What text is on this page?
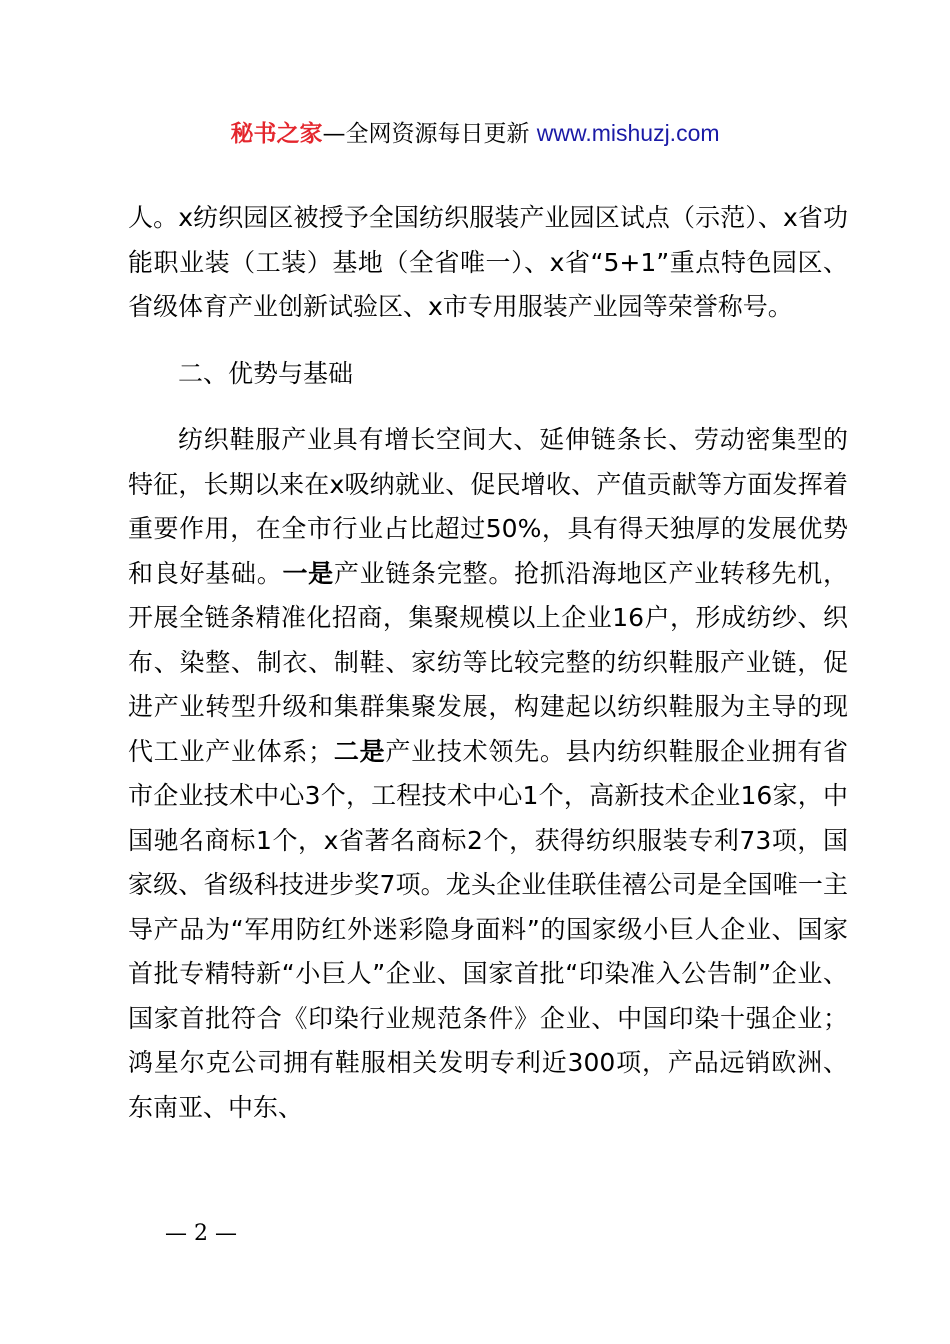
秘书之家—全网资源每日更新 www.mishuzj.com

人。x纺织园区被授予全国纺织服装产业园区试点（示范）、x省功能职业装（工装）基地（全省唯一）、x省“5+1”重点特色园区、省级体育产业创新试验区、x市专用服装产业园等荣誉称号。

二、优势与基础

纺织鞋服产业具有增长空间大、延伸链条长、劳动密集型的特征，长期以来在x吸纳就业、促民增收、产值贡献等方面发挥着重要作用，在全市行业占比超过50%，具有得天独厚的发展优势和良好基础。一是产业链条完整。抢抓沿海地区产业转移先机，开展全链条精准化招商，集聚规模以上企业16户，形成纺纱、织布、染整、制衣、制鞋、家纺等比较完整的纺织鞋服产业链，促进产业转型升级和集群集聚发展，构建起以纺织鞋服为主导的现代工业产业体系；二是产业技术领先。县内纺织鞋服企业拥有省市企业技术中心3个，工程技术中心1个，高新技术企业16家，中国驰名商标1个，x省著名商标2个，获得纺织服装专利73项，国家级、省级科技进步奖7项。龙头企业佳联佳禧公司是全国唯一主导产品为“军用防红外迷彩隐身面料”的国家级小巨人企业、国家首批专精特新“小巨人”企业、国家首批“印染准入公告制”企业、国家首批符合《印染行业规范条件》企业、中国印染十强企业；鸿星尔克公司拥有鞋服相关发明专利近300项，产品远销欧洲、东南亚、中东、

— 2 —
